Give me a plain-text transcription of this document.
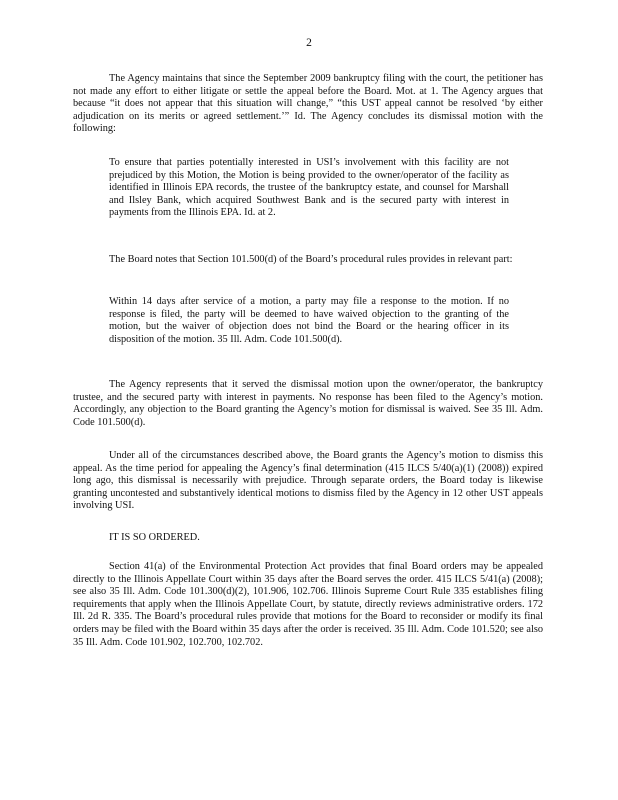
2

The Agency maintains that since the September 2009 bankruptcy filing with the court, the petitioner has not made any effort to either litigate or settle the appeal before the Board. Mot. at 1. The Agency argues that because “it does not appear that this situation will change,” “this UST appeal cannot be resolved ‘by either adjudication on its merits or agreed settlement.’” Id. The Agency concludes its dismissal motion with the following:

To ensure that parties potentially interested in USI’s involvement with this facility are not prejudiced by this Motion, the Motion is being provided to the owner/operator of the facility as identified in Illinois EPA records, the trustee of the bankruptcy estate, and counsel for Marshall and Ilsley Bank, which acquired Southwest Bank and is the secured party with interest in payments from the Illinois EPA. Id. at 2.

The Board notes that Section 101.500(d) of the Board’s procedural rules provides in relevant part:

Within 14 days after service of a motion, a party may file a response to the motion. If no response is filed, the party will be deemed to have waived objection to the granting of the motion, but the waiver of objection does not bind the Board or the hearing officer in its disposition of the motion. 35 Ill. Adm. Code 101.500(d).

The Agency represents that it served the dismissal motion upon the owner/operator, the bankruptcy trustee, and the secured party with interest in payments. No response has been filed to the Agency’s motion. Accordingly, any objection to the Board granting the Agency’s motion for dismissal is waived. See 35 Ill. Adm. Code 101.500(d).

Under all of the circumstances described above, the Board grants the Agency’s motion to dismiss this appeal. As the time period for appealing the Agency’s final determination (415 ILCS 5/40(a)(1) (2008)) expired long ago, this dismissal is necessarily with prejudice. Through separate orders, the Board today is likewise granting uncontested and substantively identical motions to dismiss filed by the Agency in 12 other UST appeals involving USI.

IT IS SO ORDERED.

Section 41(a) of the Environmental Protection Act provides that final Board orders may be appealed directly to the Illinois Appellate Court within 35 days after the Board serves the order. 415 ILCS 5/41(a) (2008); see also 35 Ill. Adm. Code 101.300(d)(2), 101.906, 102.706. Illinois Supreme Court Rule 335 establishes filing requirements that apply when the Illinois Appellate Court, by statute, directly reviews administrative orders. 172 Ill. 2d R. 335. The Board’s procedural rules provide that motions for the Board to reconsider or modify its final orders may be filed with the Board within 35 days after the order is received. 35 Ill. Adm. Code 101.520; see also 35 Ill. Adm. Code 101.902, 102.700, 102.702.
